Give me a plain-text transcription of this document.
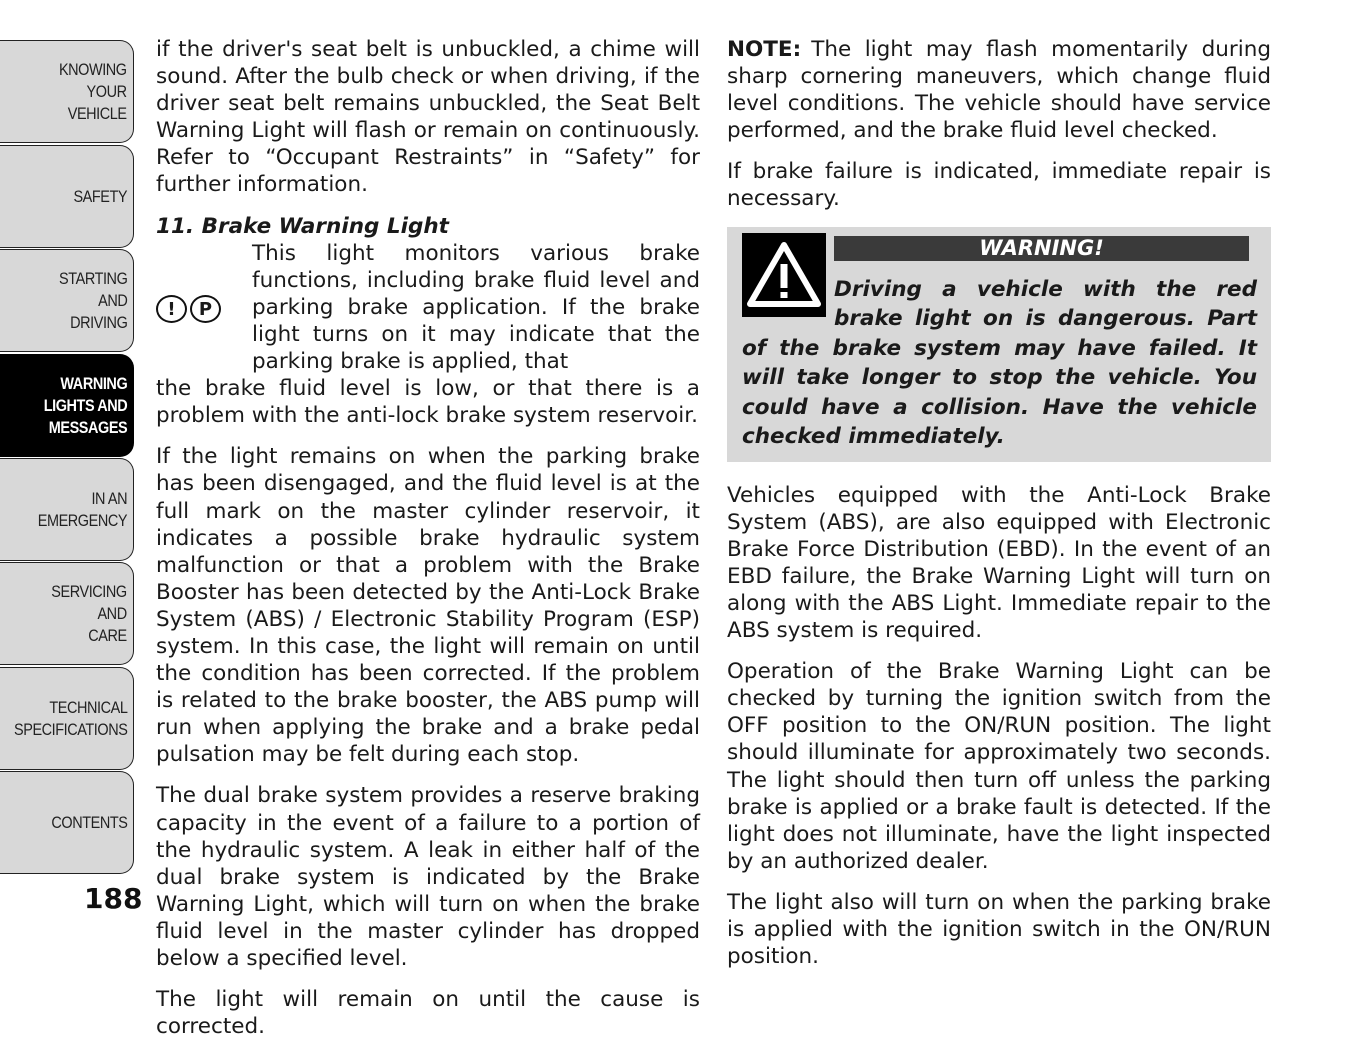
KNOWING
YOUR
VEHICLE
SAFETY
STARTING
AND
DRIVING
WARNING
LIGHTS AND
MESSAGES
IN AN
EMERGENCY
SERVICING
AND
CARE
TECHNICAL
SPECIFICATIONS
CONTENTS
188

if the driver's seat belt is unbuckled, a chime will sound. After the bulb check or when driving, if the driver seat belt remains unbuckled, the Seat Belt Warning Light will flash or remain on continuously. Refer to “Occupant Restraints” in “Safety” for further information.

11. Brake Warning Light
!	P

This light monitors various brake functions, including brake fluid level and parking brake application. If the brake light turns on it may indicate that the parking brake is applied, that

the brake fluid level is low, or that there is a problem with the anti-lock brake system reservoir.

If the light remains on when the parking brake has been disengaged, and the fluid level is at the full mark on the master cylinder reservoir, it indicates a possible brake hydraulic system malfunction or that a problem with the Brake Booster has been detected by the Anti-Lock Brake System (ABS) / Electronic Stability Program (ESP) system. In this case, the light will remain on until the condition has been corrected. If the problem is related to the brake booster, the ABS pump will run when applying the brake and a brake pedal pulsation may be felt during each stop.

The dual brake system provides a reserve braking capacity in the event of a failure to a portion of the hydraulic system. A leak in either half of the dual brake system is indicated by the Brake Warning Light, which will turn on when the brake fluid level in the master cylinder has dropped below a specified level.

The light will remain on until the cause is corrected.

NOTE: The light may flash momentarily during sharp cornering maneuvers, which change fluid level conditions. The vehicle should have service performed, and the brake fluid level checked.

If brake failure is indicated, immediate repair is necessary.

WARNING!

Driving a vehicle with the red brake light on is dangerous. Part of the brake system may have failed. It will take longer to stop the vehicle. You could have a collision. Have the vehicle checked immediately.

Vehicles equipped with the Anti-Lock Brake System (ABS), are also equipped with Electronic Brake Force Distribution (EBD). In the event of an EBD failure, the Brake Warning Light will turn on along with the ABS Light. Immediate repair to the ABS system is required.

Operation of the Brake Warning Light can be checked by turning the ignition switch from the OFF position to the ON/RUN position. The light should illuminate for approximately two seconds. The light should then turn off unless the parking brake is applied or a brake fault is detected. If the light does not illuminate, have the light inspected by an authorized dealer.

The light also will turn on when the parking brake is applied with the ignition switch in the ON/RUN position.
